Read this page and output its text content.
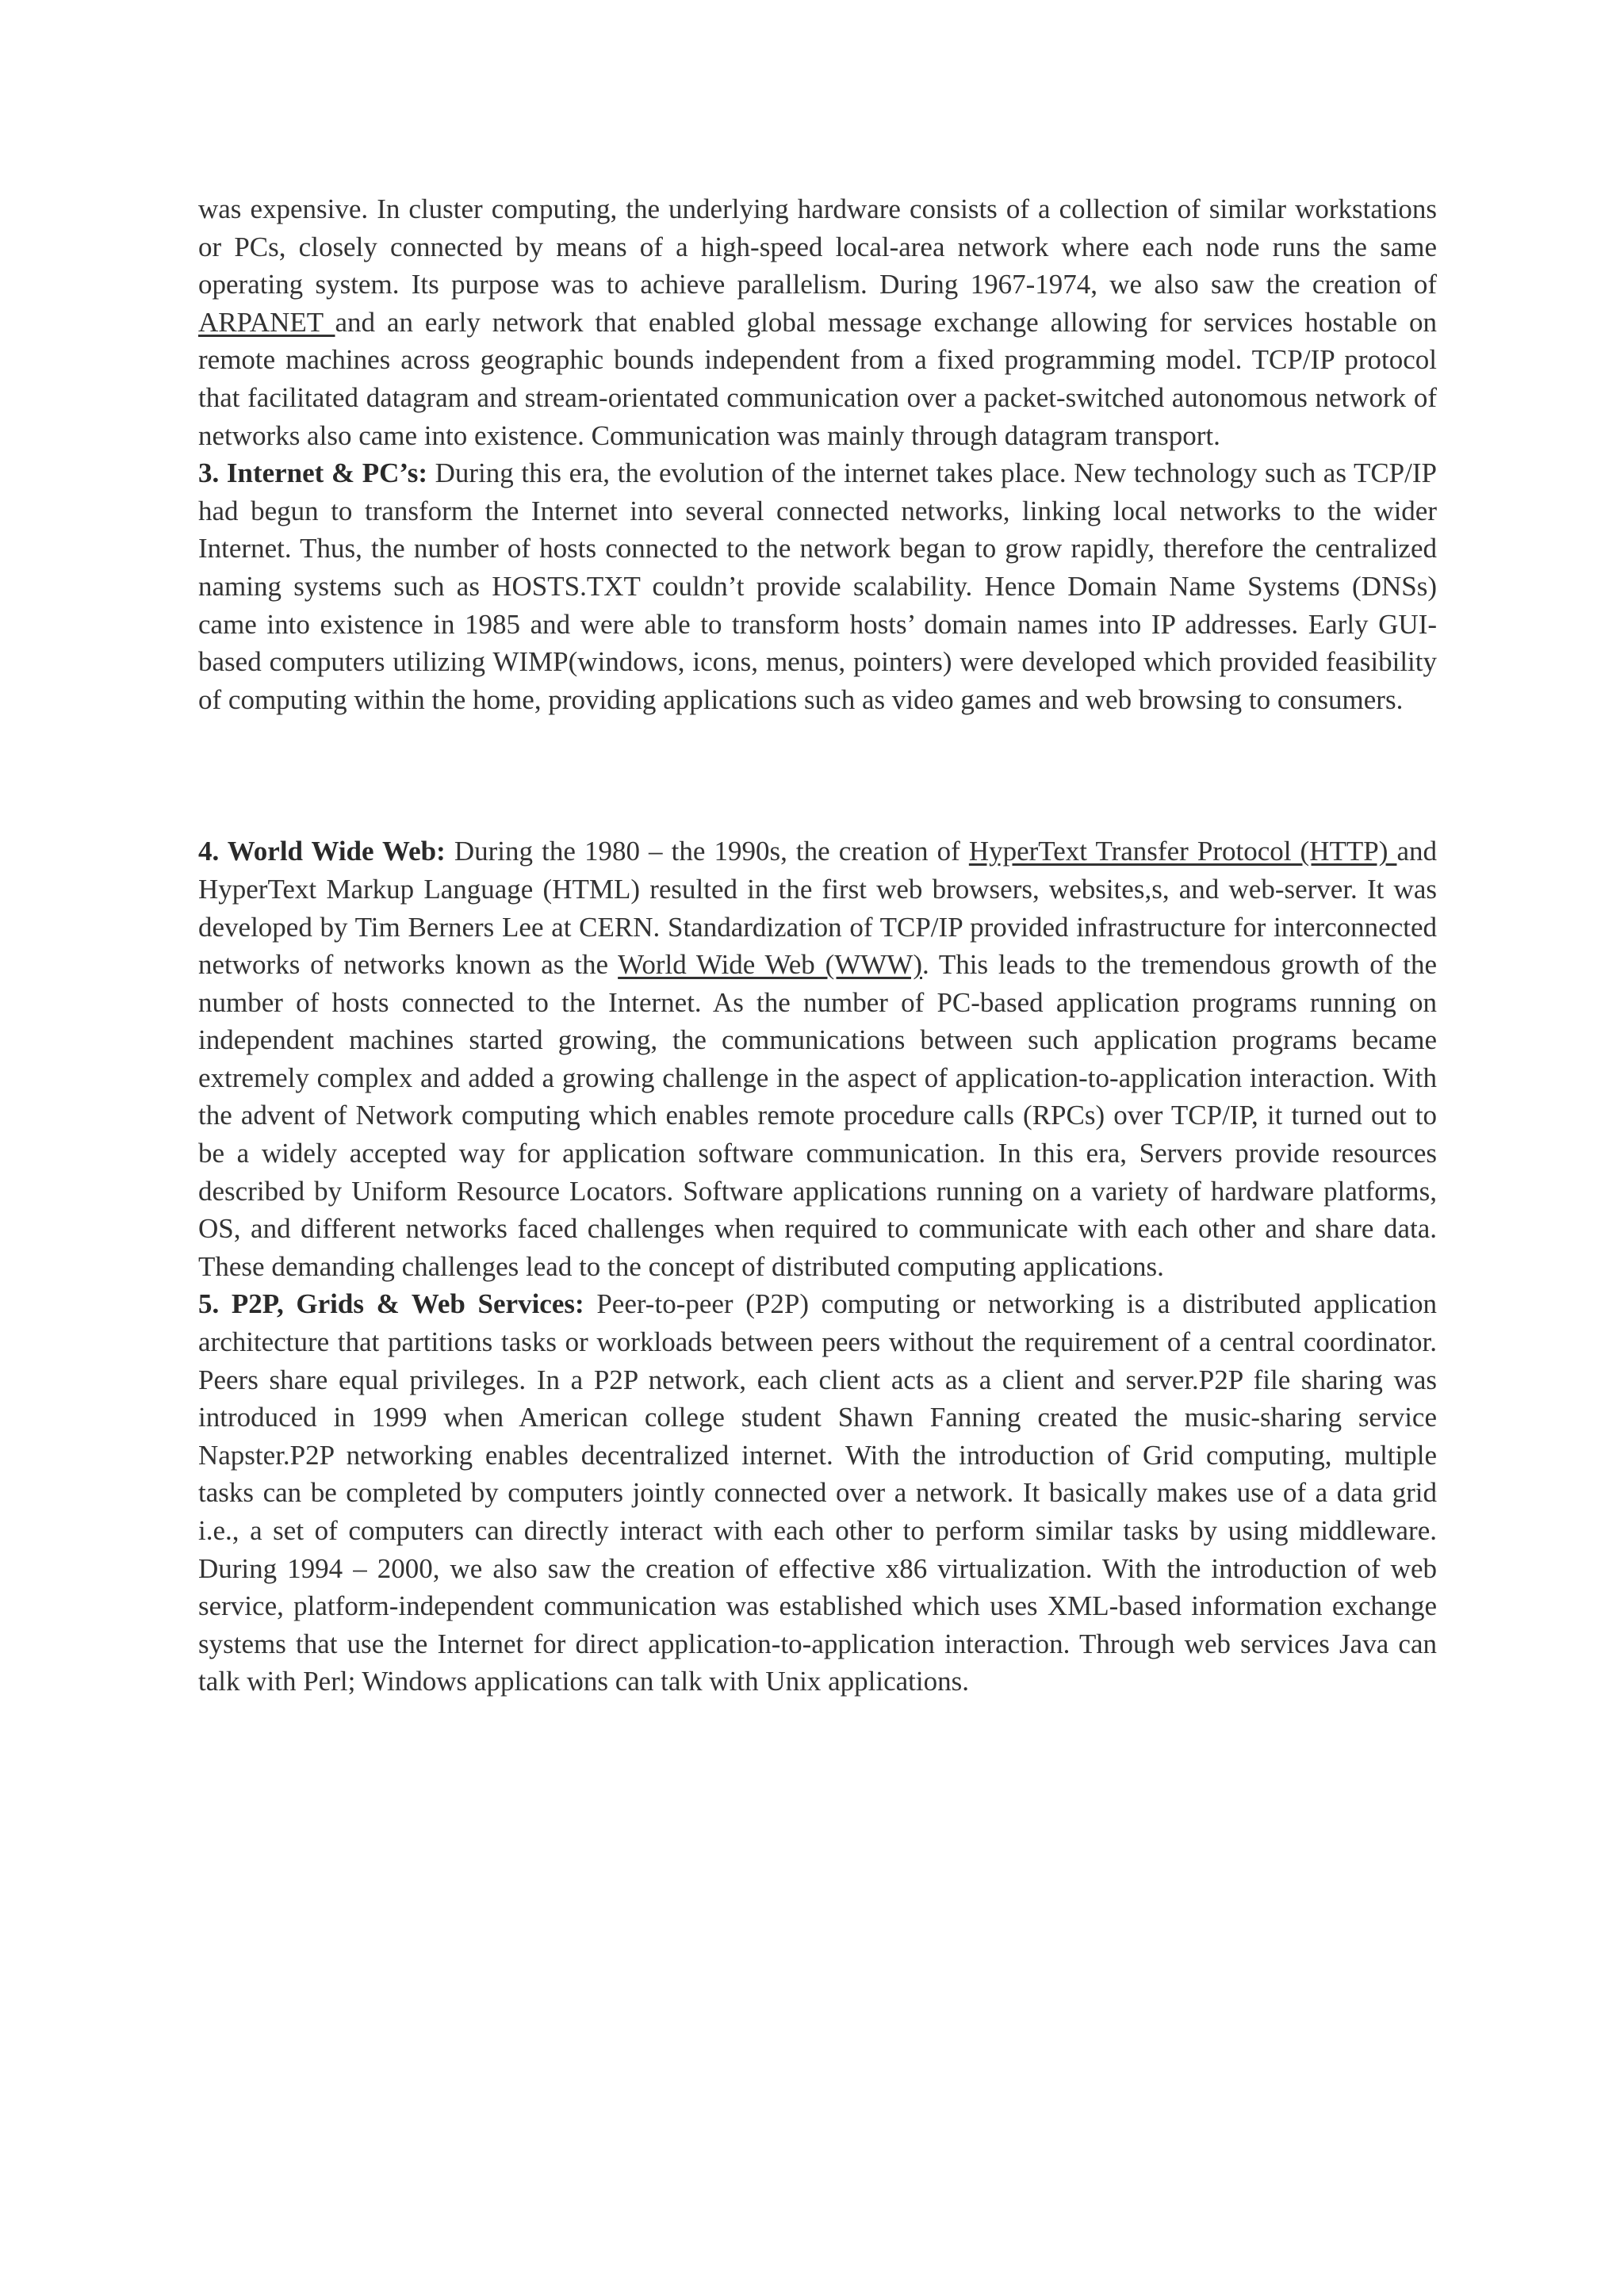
was expensive. In cluster computing, the underlying hardware consists of a collection of similar workstations or PCs, closely connected by means of a high-speed local-area network where each node runs the same operating system. Its purpose was to achieve parallelism. During 1967-1974, we also saw the creation of ARPANET and an early network that enabled global message exchange allowing for services hostable on remote machines across geographic bounds independent from a fixed programming model. TCP/IP protocol that facilitated datagram and stream-orientated communication over a packet-switched autonomous network of networks also came into existence. Communication was mainly through datagram transport.

3. Internet & PC’s: During this era, the evolution of the internet takes place. New technology such as TCP/IP had begun to transform the Internet into several connected networks, linking local networks to the wider Internet. Thus, the number of hosts connected to the network began to grow rapidly, therefore the centralized naming systems such as HOSTS.TXT couldn’t provide scalability. Hence Domain Name Systems (DNSs) came into existence in 1985 and were able to transform hosts’ domain names into IP addresses. Early GUI-based computers utilizing WIMP(windows, icons, menus, pointers) were developed which provided feasibility of computing within the home, providing applications such as video games and web browsing to consumers.

4. World Wide Web: During the 1980 – the 1990s, the creation of HyperText Transfer Protocol (HTTP) and HyperText Markup Language (HTML) resulted in the first web browsers, websites,s, and web-server. It was developed by Tim Berners Lee at CERN. Standardization of TCP/IP provided infrastructure for interconnected networks of networks known as the World Wide Web (WWW). This leads to the tremendous growth of the number of hosts connected to the Internet. As the number of PC-based application programs running on independent machines started growing, the communications between such application programs became extremely complex and added a growing challenge in the aspect of application-to-application interaction. With the advent of Network computing which enables remote procedure calls (RPCs) over TCP/IP, it turned out to be a widely accepted way for application software communication. In this era, Servers provide resources described by Uniform Resource Locators. Software applications running on a variety of hardware platforms, OS, and different networks faced challenges when required to communicate with each other and share data. These demanding challenges lead to the concept of distributed computing applications.

5. P2P, Grids & Web Services: Peer-to-peer (P2P) computing or networking is a distributed application architecture that partitions tasks or workloads between peers without the requirement of a central coordinator. Peers share equal privileges. In a P2P network, each client acts as a client and server.P2P file sharing was introduced in 1999 when American college student Shawn Fanning created the music-sharing service Napster.P2P networking enables decentralized internet. With the introduction of Grid computing, multiple tasks can be completed by computers jointly connected over a network. It basically makes use of a data grid i.e., a set of computers can directly interact with each other to perform similar tasks by using middleware. During 1994 – 2000, we also saw the creation of effective x86 virtualization. With the introduction of web service, platform-independent communication was established which uses XML-based information exchange systems that use the Internet for direct application-to-application interaction. Through web services Java can talk with Perl; Windows applications can talk with Unix applications.
